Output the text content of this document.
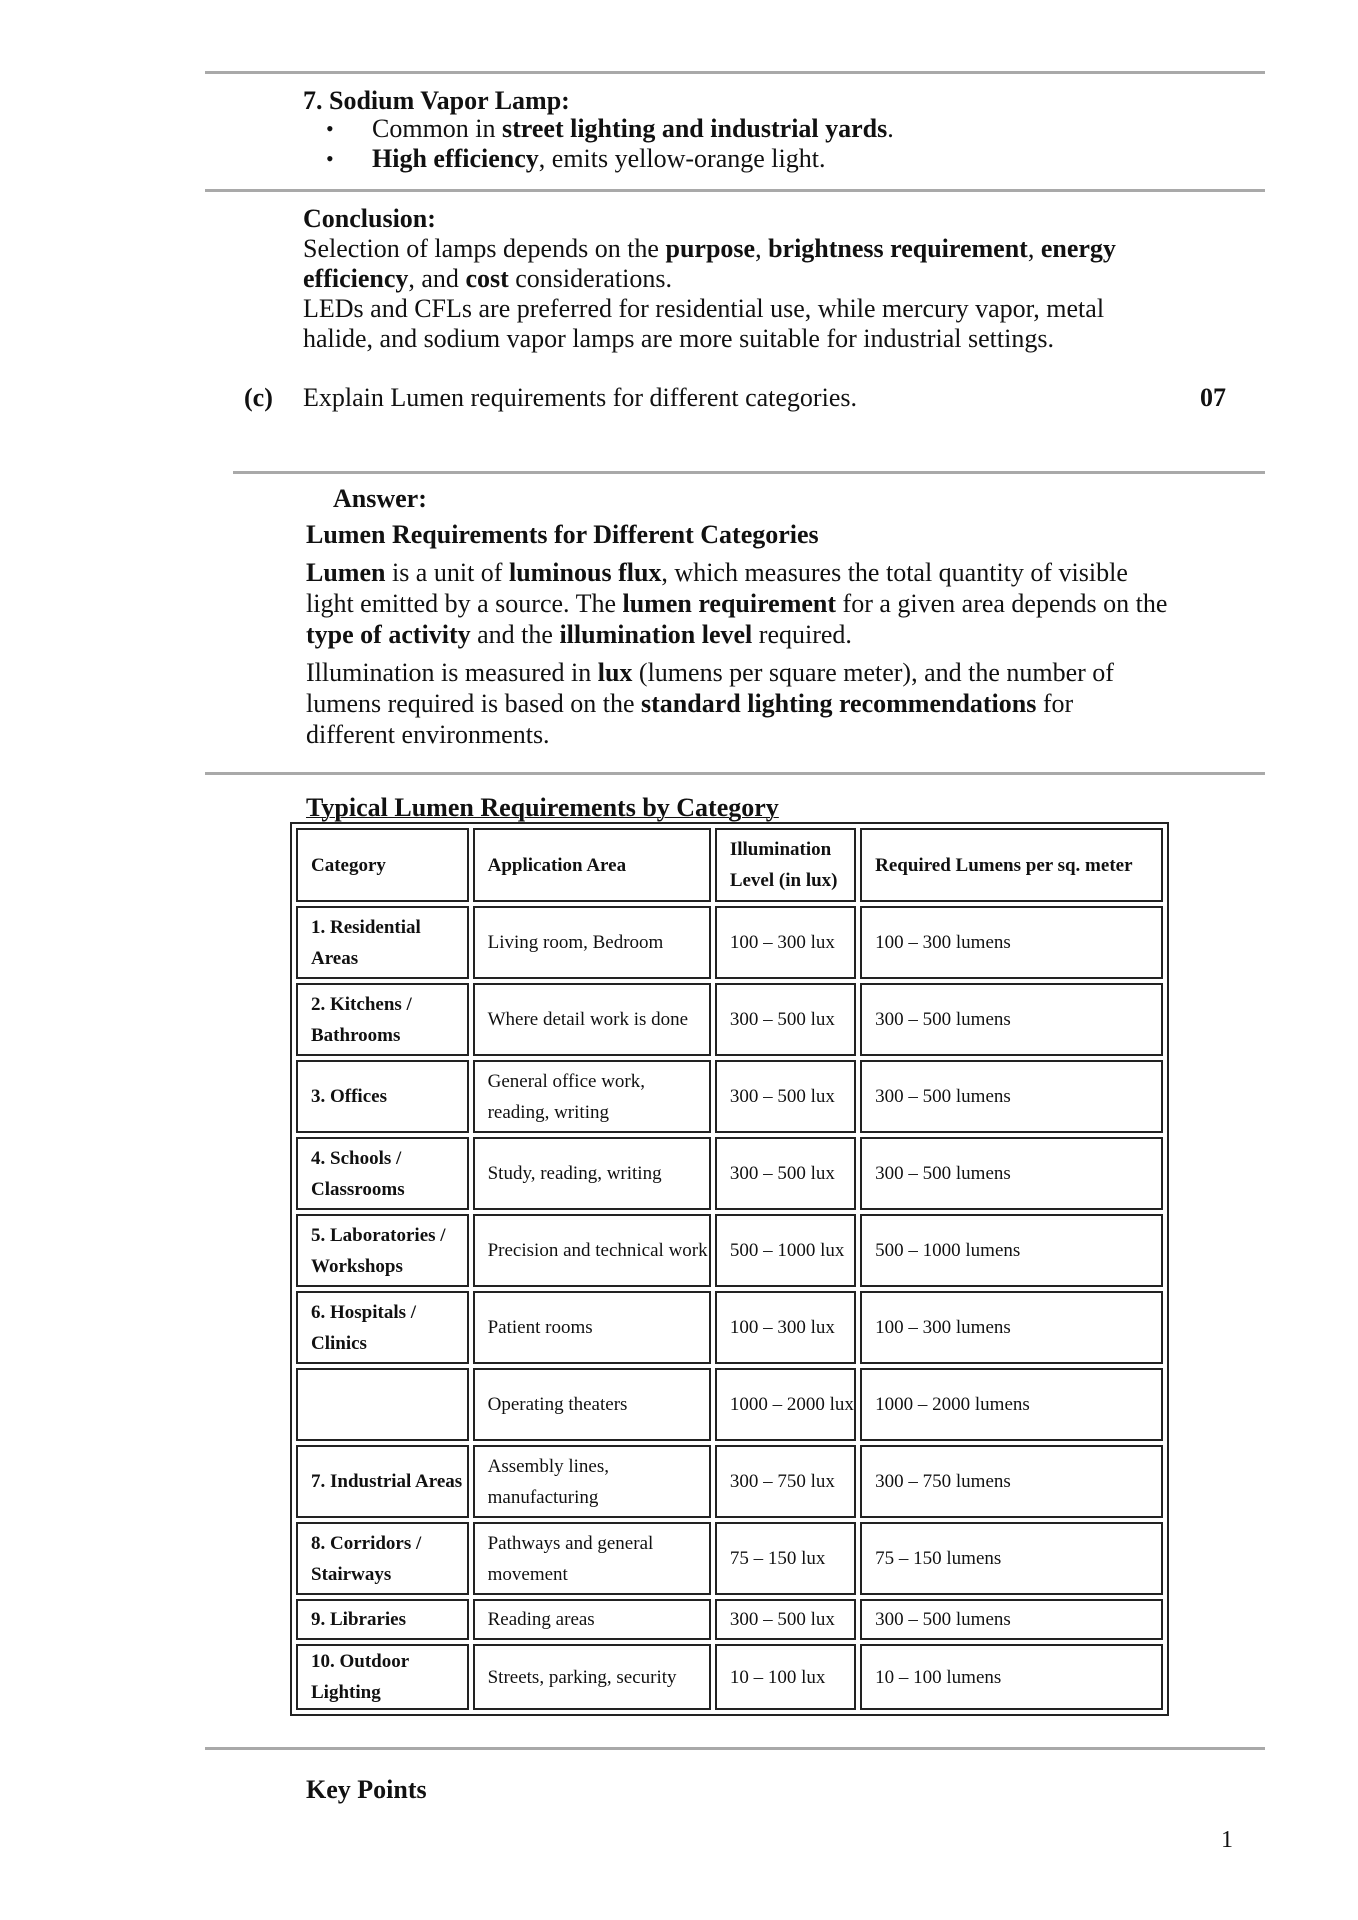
7. Sodium Vapor Lamp:
• Common in street lighting and industrial yards.
• High efficiency, emits yellow-orange light.
Conclusion:

Selection of lamps depends on the purpose, brightness requirement, energy efficiency, and cost considerations.

LEDs and CFLs are preferred for residential use, while mercury vapor, metal halide, and sodium vapor lamps are more suitable for industrial settings.

(c) Explain Lumen requirements for different categories.	07
Answer:
Lumen Requirements for Different Categories

Lumen is a unit of luminous flux, which measures the total quantity of visible light emitted by a source. The lumen requirement for a given area depends on the type of activity and the illumination level required.

Illumination is measured in lux (lumens per square meter), and the number of lumens required is based on the standard lighting recommendations for different environments.

Typical Lumen Requirements by Category
Category	Application Area	Illumination Level (in lux)	Required Lumens per sq. meter
1. Residential Areas	Living room, Bedroom	100 – 300 lux	100 – 300 lumens
2. Kitchens / Bathrooms	Where detail work is done	300 – 500 lux	300 – 500 lumens
3. Offices	General office work, reading, writing	300 – 500 lux	300 – 500 lumens
4. Schools / Classrooms	Study, reading, writing	300 – 500 lux	300 – 500 lumens
5. Laboratories / Workshops	Precision and technical work	500 – 1000 lux	500 – 1000 lumens
6. Hospitals / Clinics	Patient rooms	100 – 300 lux	100 – 300 lumens
	Operating theaters	1000 – 2000 lux	1000 – 2000 lumens
7. Industrial Areas	Assembly lines, manufacturing	300 – 750 lux	300 – 750 lumens
8. Corridors / Stairways	Pathways and general movement	75 – 150 lux	75 – 150 lumens
9. Libraries	Reading areas	300 – 500 lux	300 – 500 lumens
10. Outdoor Lighting	Streets, parking, security	10 – 100 lux	10 – 100 lumens
Key Points
1
